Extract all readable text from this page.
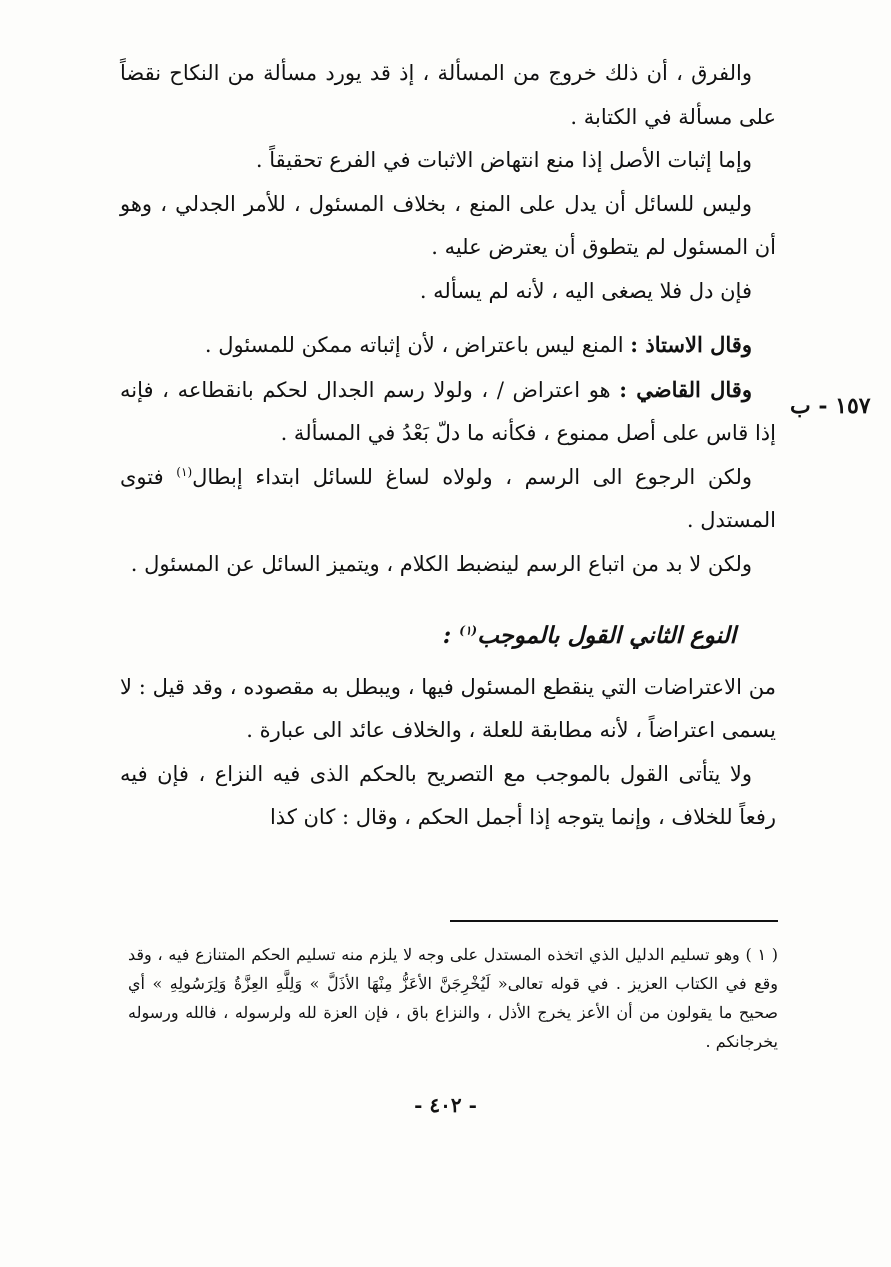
١٥٧ - ب

والفرق ، أن ذلك خروج من المسألة ، إذ قد يورد مسألة من النكاح نقضاً على مسألة في الكتابة .

وإما إثبات الأصل إذا منع انتهاض الاثبات في الفرع تحقيقاً .

وليس للسائل أن يدل على المنع ، بخلاف المسئول ، للأمر الجدلي ، وهو أن المسئول لم يتطوق أن يعترض عليه .

فإن دل فلا يصغى اليه ، لأنه لم يسأله .

وقال الاستاذ : المنع ليس باعتراض ، لأن إثباته ممكن للمسئول .

وقال القاضي : هو اعتراض / ، ولولا رسم الجدال لحكم بانقطاعه ، فإنه إذا قاس على أصل ممنوع ، فكأنه ما دلّ بَعْدُ في المسألة .

ولكن الرجوع الى الرسم ، ولولاه لساغ للسائل ابتداء إبطال$^{(١)}$ فتوى المستدل .

ولكن لا بد من اتباع الرسم لينضبط الكلام ، ويتميز السائل عن المسئول .

النوع الثاني القول بالموجب$^{(١)}$ :

من الاعتراضات التي ينقطع المسئول فيها ، ويبطل به مقصوده ، وقد قيل : لا يسمى اعتراضاً ، لأنه مطابقة للعلة ، والخلاف عائد الى عبارة .

ولا يتأتى القول بالموجب مع التصريح بالحكم الذى فيه النزاع ، فإن فيه رفعاً للخلاف ، وإنما يتوجه إذا أجمل الحكم ، وقال : كان كذا

( ١ ) وهو تسليم الدليل الذي اتخذه المستدل على وجه لا يلزم منه تسليم الحكم المتنازع فيه ، وقد وقع في الكتاب العزيز . في قوله تعالى« لَيُخْرِجَنَّ الأعَزُّ مِنْهَا الأذَلَّ » وَلِلَّهِ العِزَّةُ وَلِرَسُولِهِ » أي صحيح ما يقولون من أن الأعز يخرج الأذل ، والنزاع باق ، فإن العزة لله ولرسوله ، فالله ورسوله يخرجانكم .

- ٤٠٢ -
